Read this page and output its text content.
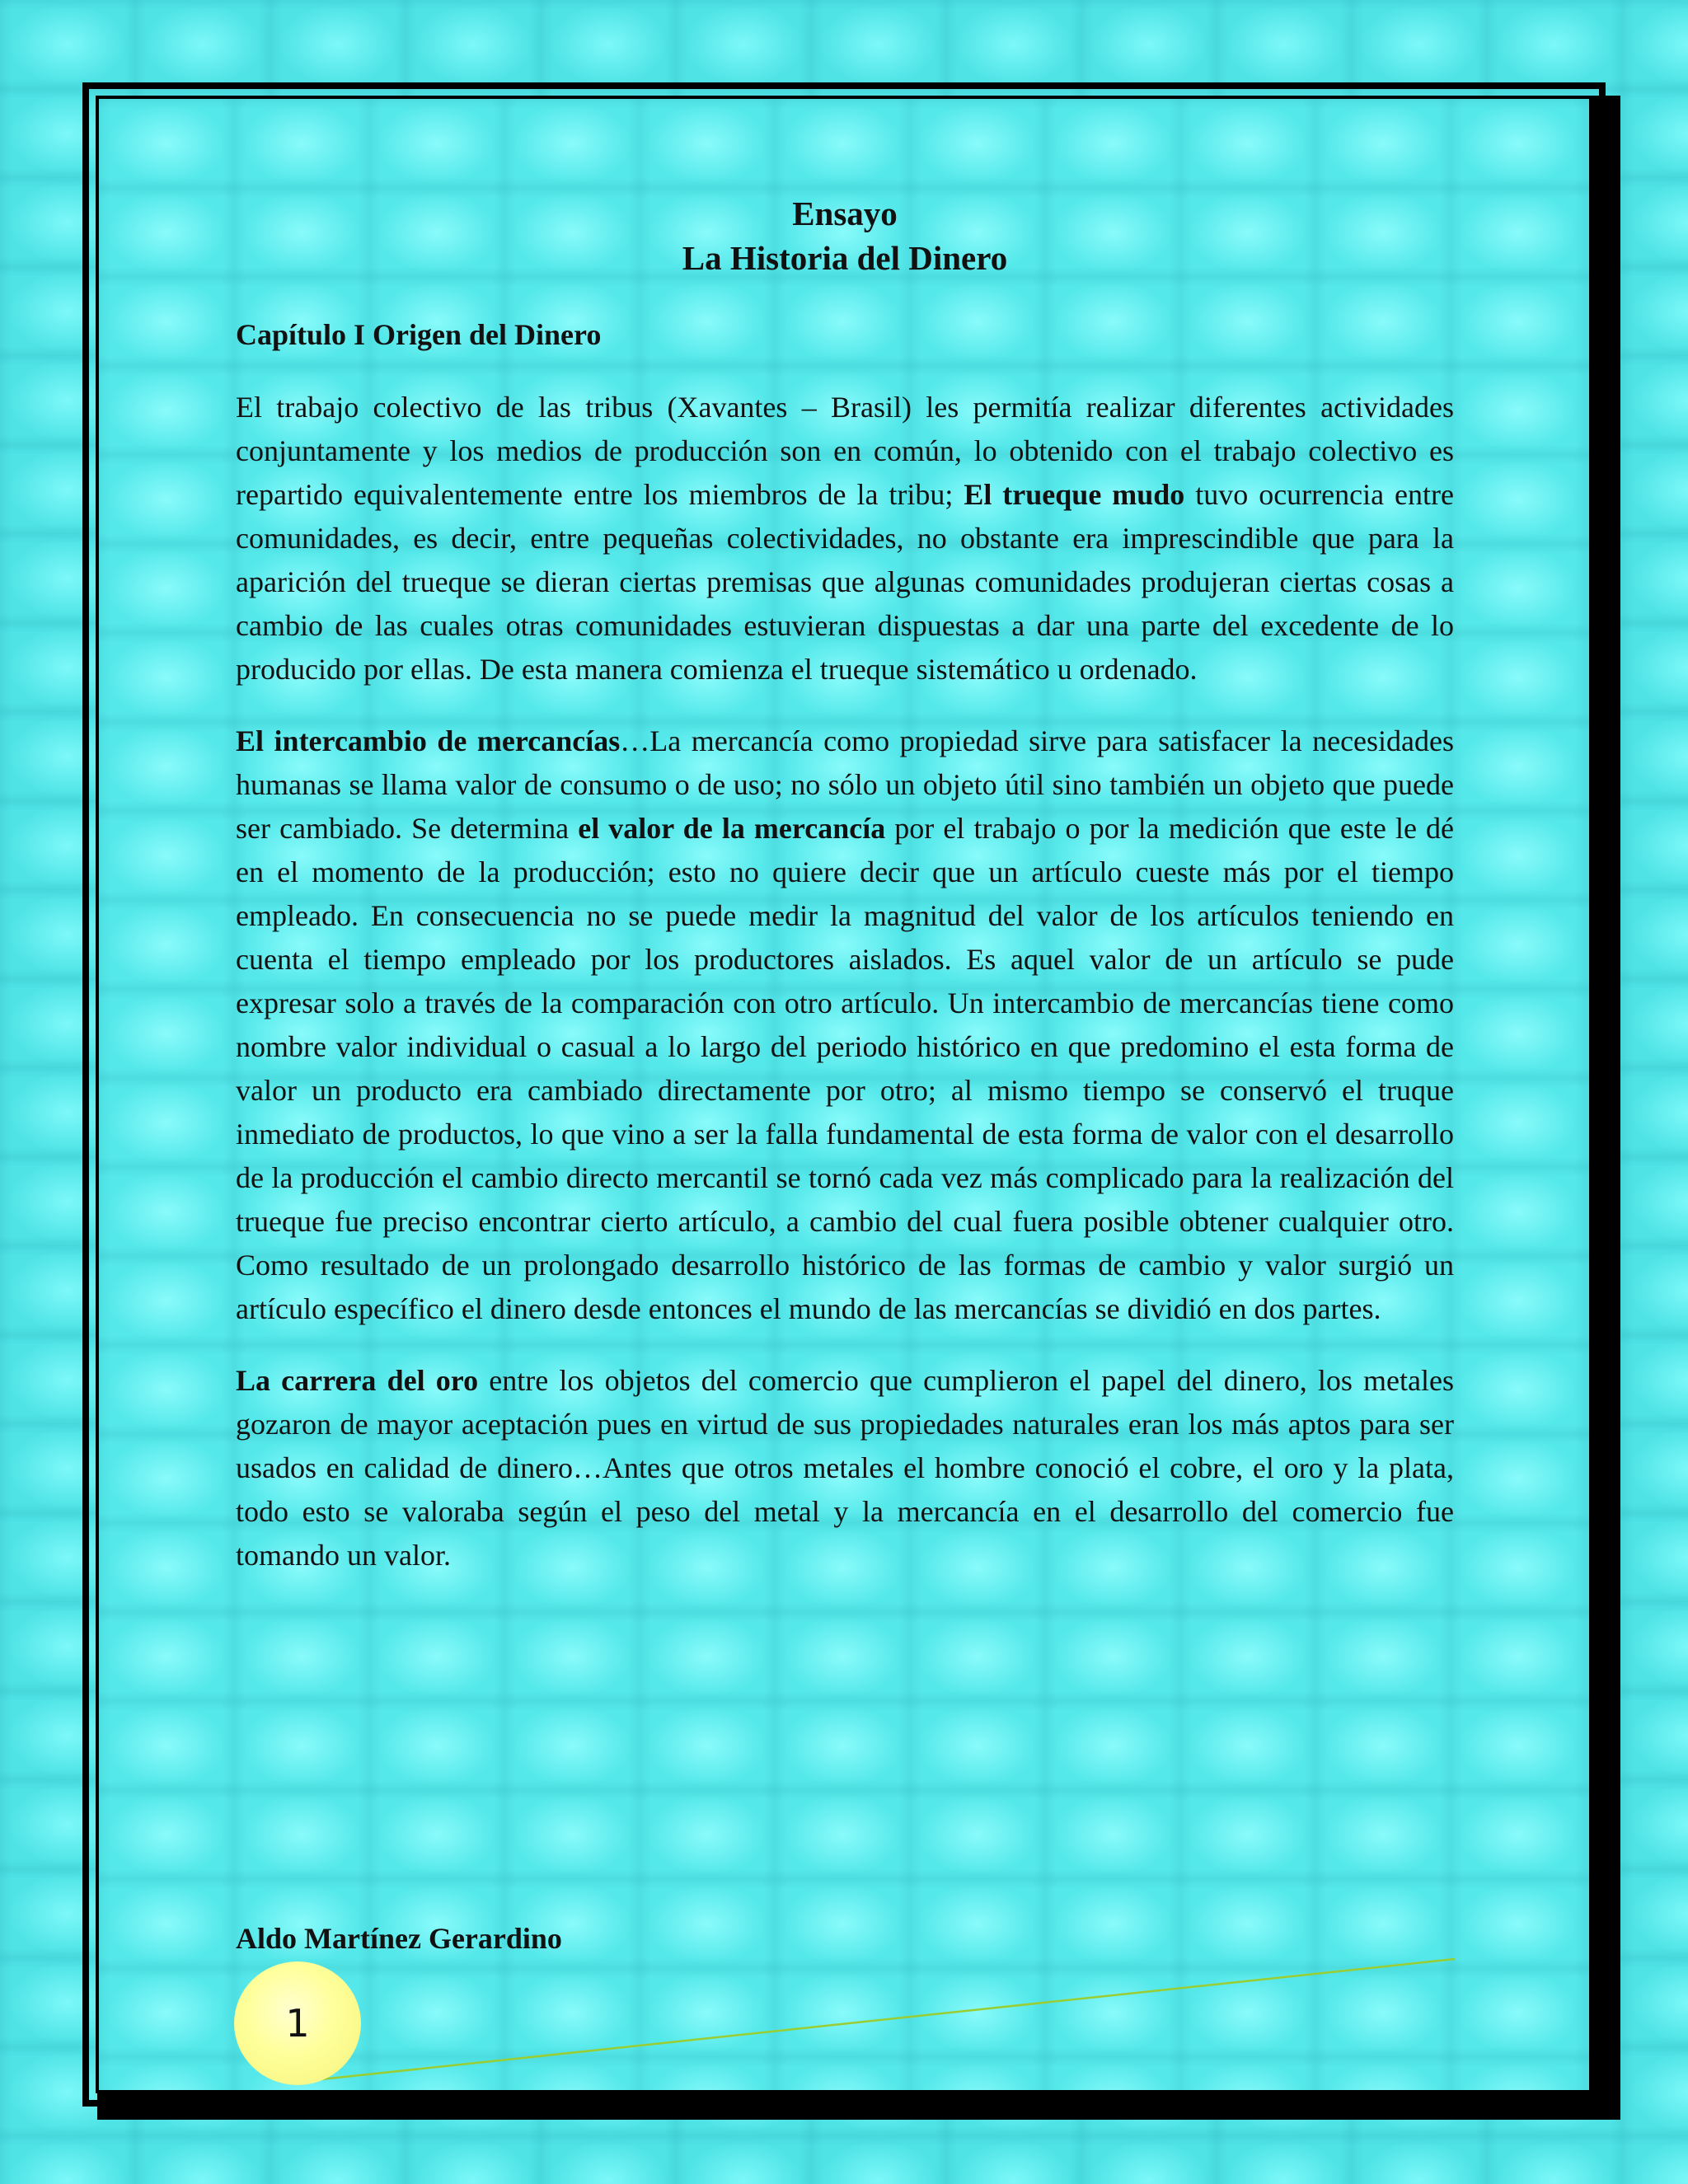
Ensayo
La Historia del Dinero
Capítulo I Origen del Dinero

El trabajo colectivo de las tribus (Xavantes – Brasil) les permitía realizar diferentes actividades conjuntamente y los medios de producción son en común, lo obtenido con el trabajo colectivo es repartido equivalentemente entre los miembros de la tribu; El trueque mudo tuvo ocurrencia entre comunidades, es decir, entre pequeñas colectividades, no obstante era imprescindible que para la aparición del trueque se dieran ciertas premisas que algunas comunidades produjeran ciertas cosas a cambio de las cuales otras comunidades estuvieran dispuestas a dar una parte del excedente de lo producido por ellas. De esta manera comienza el trueque sistemático u ordenado.

El intercambio de mercancías…La mercancía como propiedad sirve para satisfacer la necesidades humanas se llama valor de consumo o de uso; no sólo un objeto útil sino también un objeto que puede ser cambiado. Se determina el valor de la mercancía por el trabajo o por la medición que este le dé en el momento de la producción; esto no quiere decir que un artículo cueste más por el tiempo empleado. En consecuencia no se puede medir la magnitud del valor de los artículos teniendo en cuenta el tiempo empleado por los productores aislados. Es aquel valor de un artículo se pude expresar solo a través de la comparación con otro artículo. Un intercambio de mercancías tiene como nombre valor individual o casual a lo largo del periodo histórico en que predomino el esta forma de valor un producto era cambiado directamente por otro; al mismo tiempo se conservó el truque inmediato de productos, lo que vino a ser la falla fundamental de esta forma de valor con el desarrollo de la producción el cambio directo mercantil se tornó cada vez más complicado para la realización del trueque fue preciso encontrar cierto artículo, a cambio del cual fuera posible obtener cualquier otro. Como resultado de un prolongado desarrollo histórico de las formas de cambio y valor surgió un artículo específico el dinero desde entonces el mundo de las mercancías se dividió en dos partes.

La carrera del oro entre los objetos del comercio que cumplieron el papel del dinero, los metales gozaron de mayor aceptación pues en virtud de sus propiedades naturales eran los más aptos para ser usados en calidad de dinero…Antes que otros metales el hombre conoció el cobre, el oro y la plata, todo esto se valoraba según el peso del metal y la mercancía en el desarrollo del comercio fue tomando un valor.

Aldo Martínez Gerardino
1
